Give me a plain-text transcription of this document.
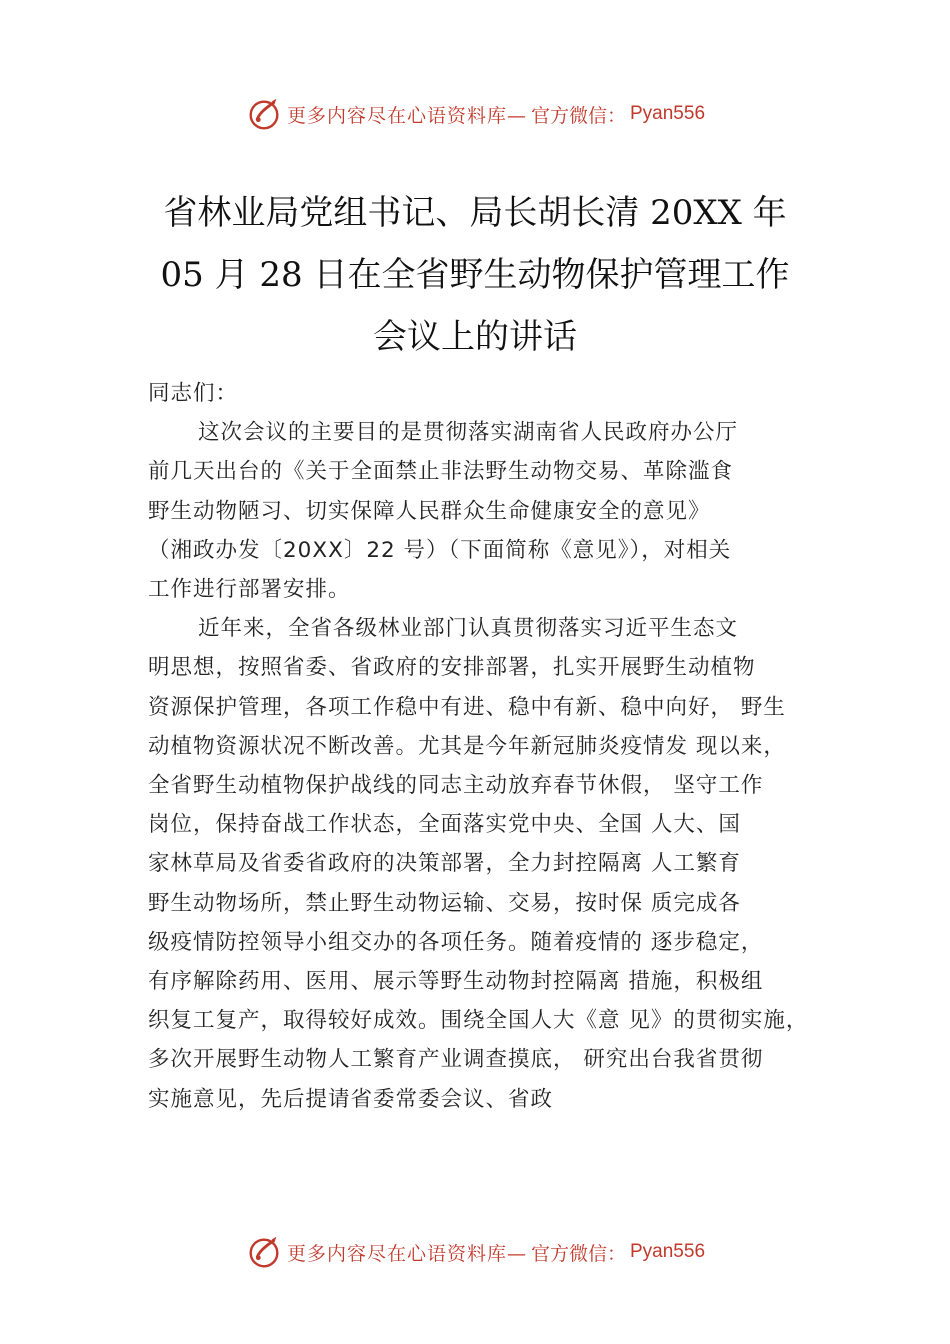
更多内容尽在心语资料库— 官方微信： Pyan556
省林业局党组书记、局长胡长清 20XX 年
05 月 28 日在全省野生动物保护管理工作
会议上的讲话
同志们：
这次会议的主要目的是贯彻落实湖南省人民政府办公厅
前几天出台的《关于全面禁止非法野生动物交易、革除滥食
野生动物陋习、切实保障人民群众生命健康安全的意见》
（湘政办发〔20XX〕22 号）（下面简称《意见》），对相关
工作进行部署安排。
近年来，全省各级林业部门认真贯彻落实习近平生态文
明思想，按照省委、省政府的安排部署，扎实开展野生动植物
资源保护管理，各项工作稳中有进、稳中有新、稳中向好， 野生
动植物资源状况不断改善。尤其是今年新冠肺炎疫情发 现以来，
全省野生动植物保护战线的同志主动放弃春节休假， 坚守工作
岗位，保持奋战工作状态，全面落实党中央、全国 人大、国
家林草局及省委省政府的决策部署，全力封控隔离 人工繁育
野生动物场所，禁止野生动物运输、交易，按时保 质完成各
级疫情防控领导小组交办的各项任务。随着疫情的 逐步稳定，
有序解除药用、医用、展示等野生动物封控隔离 措施，积极组
织复工复产，取得较好成效。围绕全国人大《意 见》的贯彻实施，
多次开展野生动物人工繁育产业调查摸底， 研究出台我省贯彻
实施意见，先后提请省委常委会议、省政
更多内容尽在心语资料库— 官方微信： Pyan556
